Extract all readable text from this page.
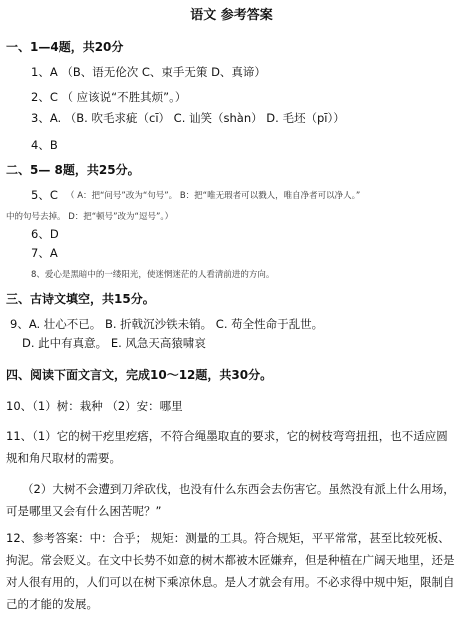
语文 参考答案
一、1—4题，共20分
1、A （B、语无伦次 C、束手无策 D、真谛）
2、C （ 应该说“不胜其烦”。）
3、A. （B. 吹毛求疵（cī） C. 讪笑（shàn） D. 毛坯（pī））
4、B
二、5— 8题，共25分。
5、C （ A：把“问号”改为“句号”。 B：把“唯无瑕者可以戮人，唯自净者可以净人。”
中的句号去掉。 D：把“顿号”改为“逗号”。）
6、D
7、A
8、爱心是黑暗中的一缕阳光，使迷惘迷茫的人看清前进的方向。
三、古诗文填空，共15分。
9、A. 壮心不已。 B. 折戟沉沙铁未销。 C. 苟全性命于乱世。
D. 此中有真意。 E. 风急天高猿啸哀
四、阅读下面文言文，完成10～12题，共30分。
10、（1）树：栽种 （2）安：哪里
11、（1）它的树干疙里疙瘩，不符合绳墨取直的要求，它的树枝弯弯扭扭，也不适应圆规和角尺取材的需要。
（2）大树不会遭到刀斧砍伐，也没有什么东西会去伤害它。虽然没有派上什么用场，可是哪里又会有什么困苦呢？”
12、参考答案：中：合乎； 规矩：测量的工具。符合规矩，平平常常，甚至比较死板、拘泥。常会贬义。在文中长势不如意的树木都被木匠嫌弃，但是种植在广阔天地里，还是对人很有用的，人们可以在树下乘凉休息。是人才就会有用。不必求得中规中矩，限制自己的才能的发展。
